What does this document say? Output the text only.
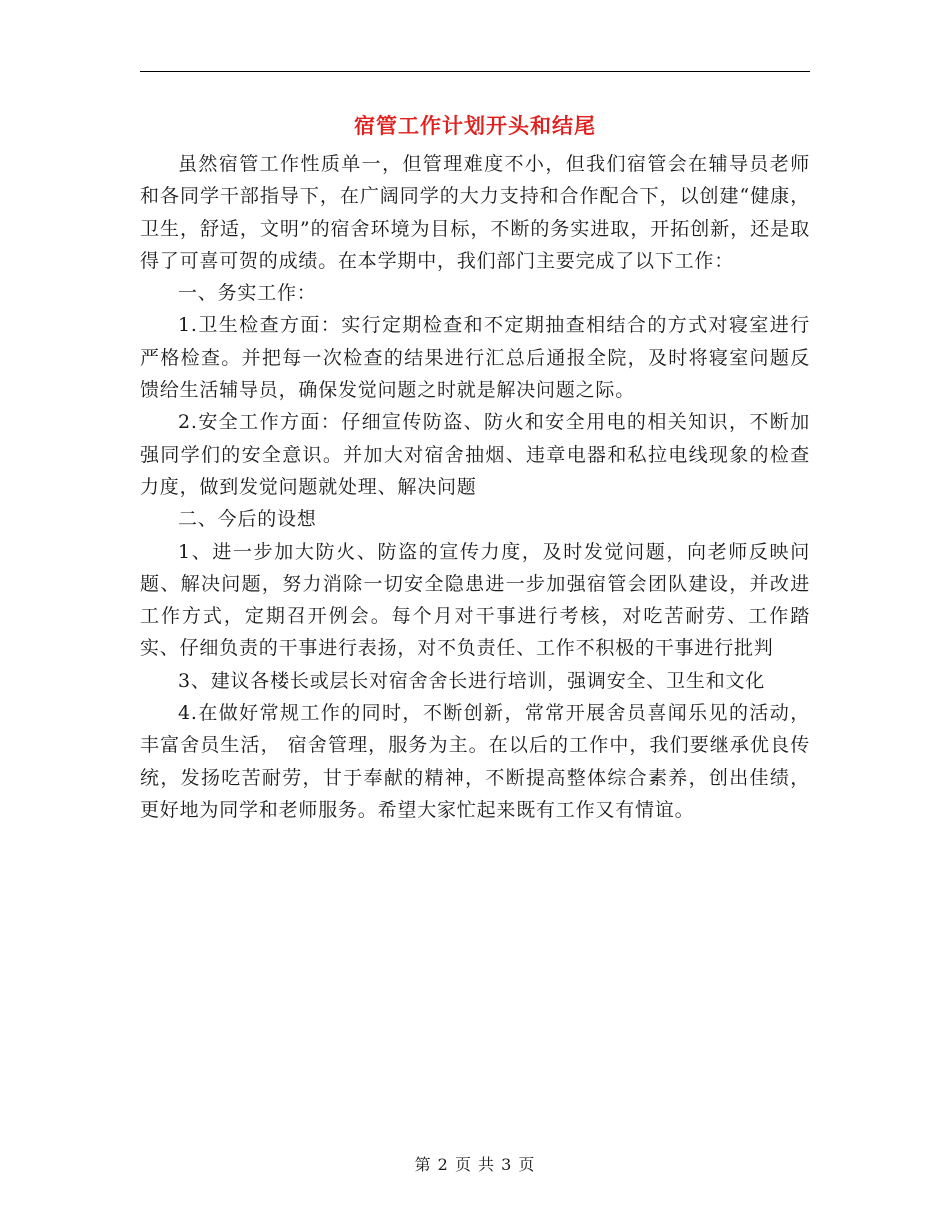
宿管工作计划开头和结尾

虽然宿管工作性质单一，但管理难度不小，但我们宿管会在辅导员老师和各同学干部指导下，在广阔同学的大力支持和合作配合下，以创建“健康，卫生，舒适，文明”的宿舍环境为目标，不断的务实进取，开拓创新，还是取得了可喜可贺的成绩。在本学期中，我们部门主要完成了以下工作：

一、务实工作：

1.卫生检查方面：实行定期检查和不定期抽查相结合的方式对寝室进行严格检查。并把每一次检查的结果进行汇总后通报全院，及时将寝室问题反馈给生活辅导员，确保发觉问题之时就是解决问题之际。

2.安全工作方面：仔细宣传防盗、防火和安全用电的相关知识，不断加强同学们的安全意识。并加大对宿舍抽烟、违章电器和私拉电线现象的检查力度，做到发觉问题就处理、解决问题

二、今后的设想

1、进一步加大防火、防盗的宣传力度，及时发觉问题，向老师反映问题、解决问题，努力消除一切安全隐患进一步加强宿管会团队建设，并改进工作方式，定期召开例会。每个月对干事进行考核，对吃苦耐劳、工作踏实、仔细负责的干事进行表扬，对不负责任、工作不积极的干事进行批判

3、建议各楼长或层长对宿舍舍长进行培训，强调安全、卫生和文化

4.在做好常规工作的同时，不断创新，常常开展舍员喜闻乐见的活动，丰富舍员生活， 宿舍管理，服务为主。在以后的工作中，我们要继承优良传统，发扬吃苦耐劳，甘于奉献的精神，不断提高整体综合素养，创出佳绩，更好地为同学和老师服务。希望大家忙起来既有工作又有情谊。

第 2 页 共 3 页
